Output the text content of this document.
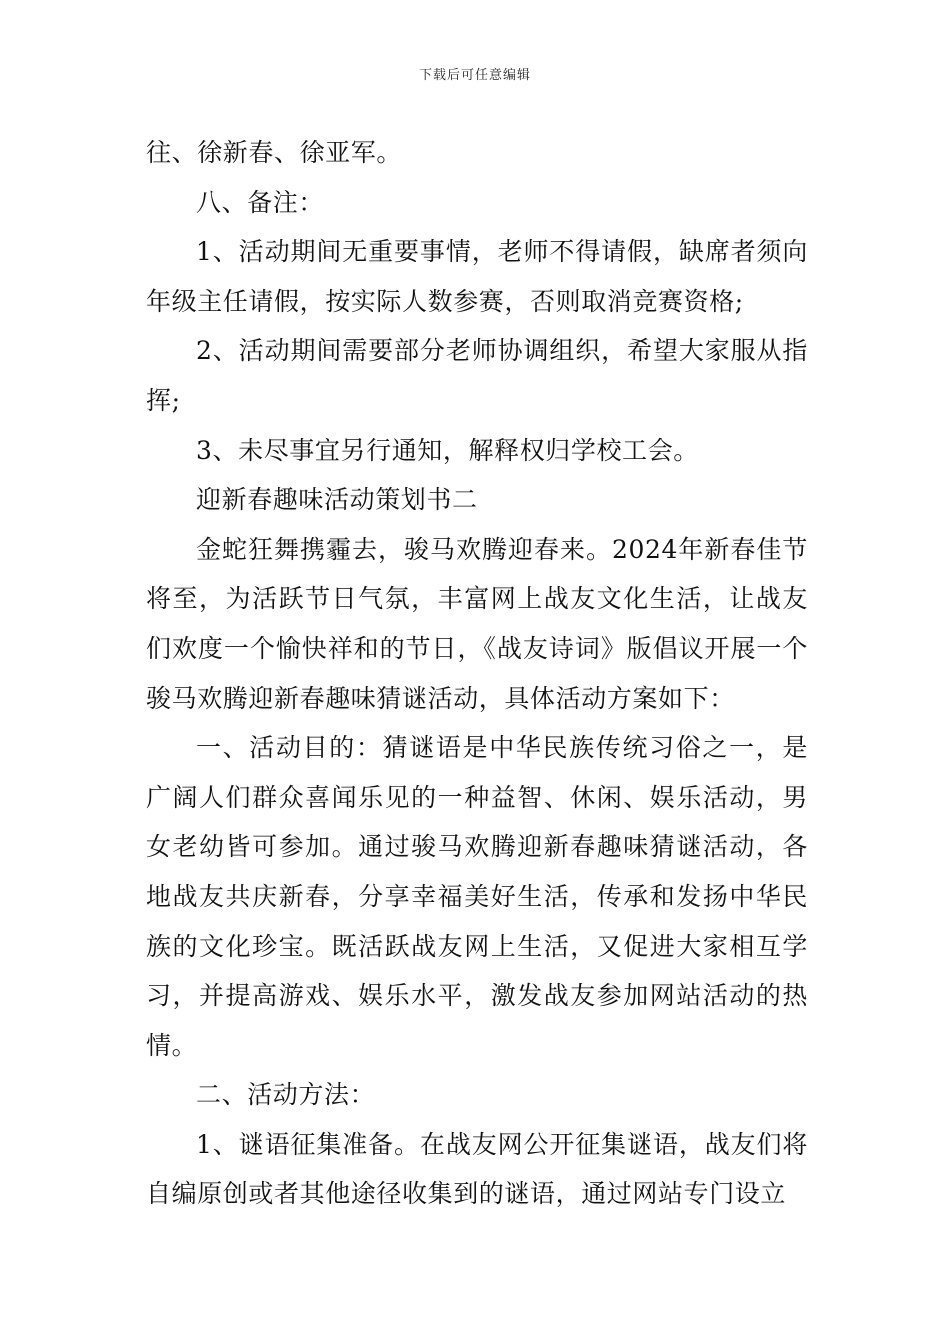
下载后可任意编辑

往、徐新春、徐亚军。

八、备注：

1、活动期间无重要事情，老师不得请假，缺席者须向年级主任请假，按实际人数参赛，否则取消竞赛资格;

2、活动期间需要部分老师协调组织，希望大家服从指挥;

3、未尽事宜另行通知，解释权归学校工会。

迎新春趣味活动策划书二

金蛇狂舞携霾去，骏马欢腾迎春来。2024年新春佳节将至，为活跃节日气氛，丰富网上战友文化生活，让战友们欢度一个愉快祥和的节日，《战友诗词》版倡议开展一个骏马欢腾迎新春趣味猜谜活动，具体活动方案如下：

一、活动目的：猜谜语是中华民族传统习俗之一，是广阔人们群众喜闻乐见的一种益智、休闲、娱乐活动，男女老幼皆可参加。通过骏马欢腾迎新春趣味猜谜活动，各地战友共庆新春，分享幸福美好生活，传承和发扬中华民族的文化珍宝。既活跃战友网上生活，又促进大家相互学习，并提高游戏、娱乐水平，激发战友参加网站活动的热情。

二、活动方法：

1、谜语征集准备。在战友网公开征集谜语，战友们将自编原创或者其他途径收集到的谜语，通过网站专门设立
